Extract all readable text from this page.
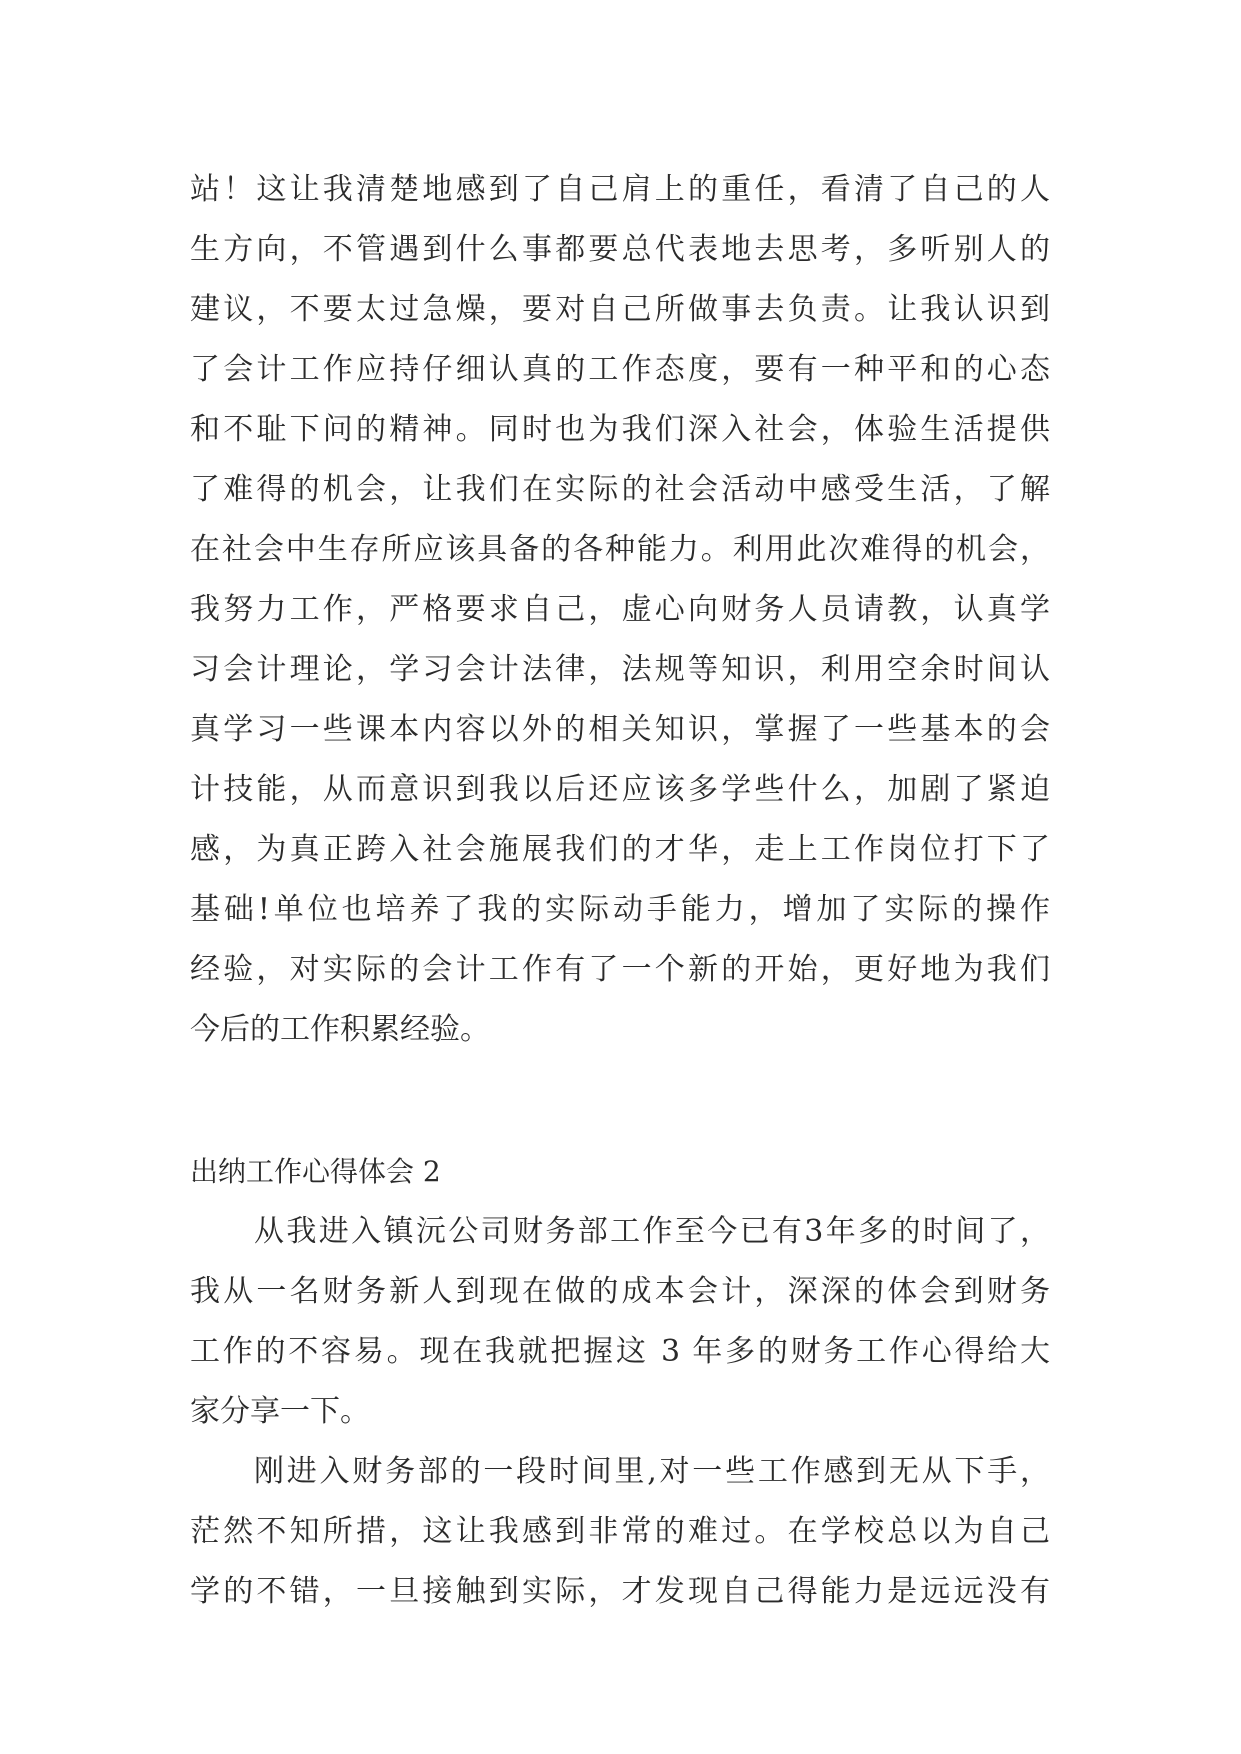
站！这让我清楚地感到了自己肩上的重任，看清了自己的人
生方向，不管遇到什么事都要总代表地去思考，多听别人的
建议，不要太过急燥，要对自己所做事去负责。让我认识到
了会计工作应持仔细认真的工作态度，要有一种平和的心态
和不耻下问的精神。同时也为我们深入社会，体验生活提供
了难得的机会，让我们在实际的社会活动中感受生活，了解
在社会中生存所应该具备的各种能力。利用此次难得的机会，
我努力工作，严格要求自己，虚心向财务人员请教，认真学
习会计理论，学习会计法律，法规等知识，利用空余时间认
真学习一些课本内容以外的相关知识，掌握了一些基本的会
计技能，从而意识到我以后还应该多学些什么，加剧了紧迫
感，为真正跨入社会施展我们的才华，走上工作岗位打下了
基础!单位也培养了我的实际动手能力，增加了实际的操作
经验，对实际的会计工作有了一个新的开始，更好地为我们
今后的工作积累经验。
出纳工作心得体会 2
从我进入镇沅公司财务部工作至今已有3年多的时间了，
我从一名财务新人到现在做的成本会计，深深的体会到财务
工作的不容易。现在我就把握这 3 年多的财务工作心得给大
家分享一下。
刚进入财务部的一段时间里,对一些工作感到无从下手，
茫然不知所措，这让我感到非常的难过。在学校总以为自己
学的不错，一旦接触到实际，才发现自己得能力是远远没有
